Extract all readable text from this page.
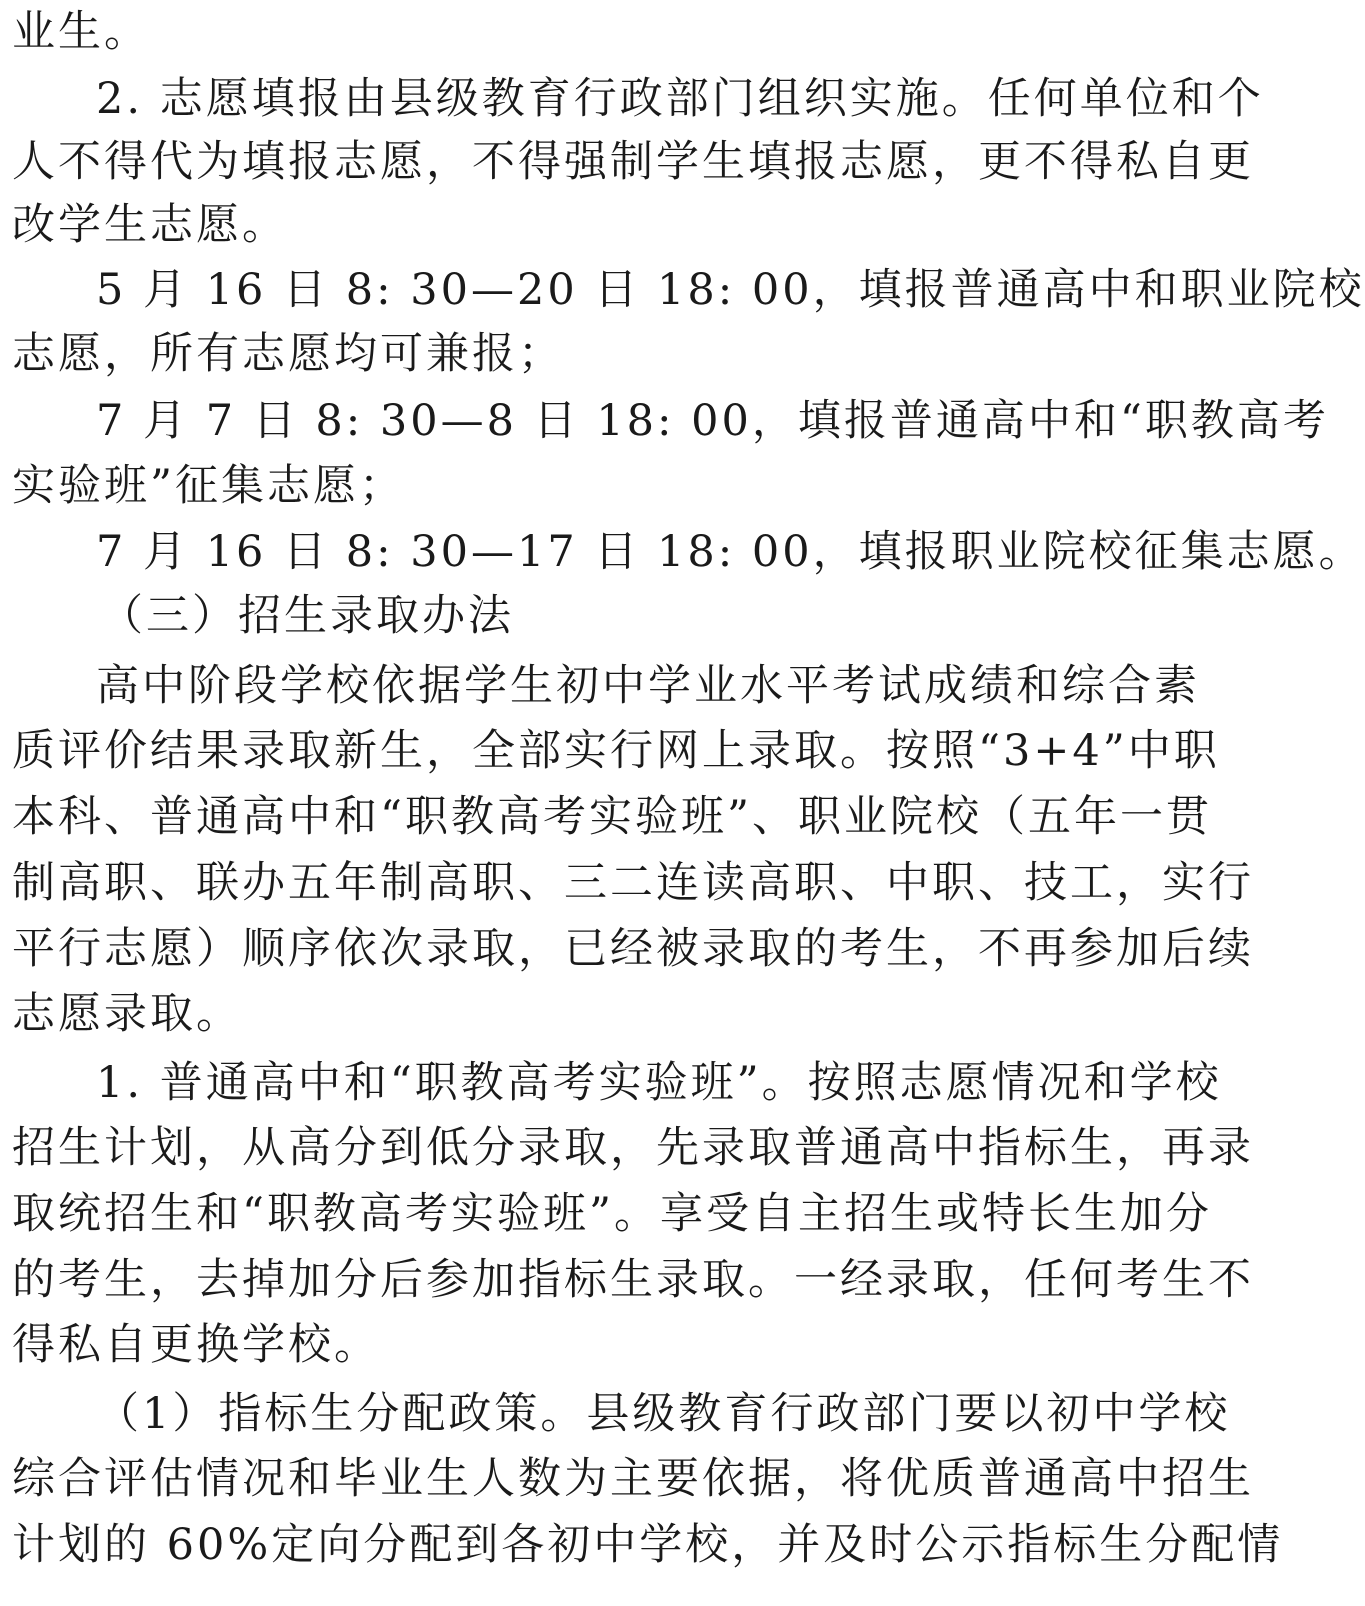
业生。
2. 志愿填报由县级教育行政部门组织实施。任何单位和个
人不得代为填报志愿，不得强制学生填报志愿，更不得私自更
改学生志愿。
5 月 16 日 8: 30—20 日 18: 00，填报普通高中和职业院校
志愿，所有志愿均可兼报；
7 月 7 日 8: 30—8 日 18: 00，填报普通高中和“职教高考
实验班”征集志愿；
7 月 16 日 8: 30—17 日 18: 00，填报职业院校征集志愿。
（三）招生录取办法
高中阶段学校依据学生初中学业水平考试成绩和综合素
质评价结果录取新生，全部实行网上录取。按照“3+4”中职
本科、普通高中和“职教高考实验班”、职业院校（五年一贯
制高职、联办五年制高职、三二连读高职、中职、技工，实行
平行志愿）顺序依次录取，已经被录取的考生，不再参加后续
志愿录取。
1. 普通高中和“职教高考实验班”。按照志愿情况和学校
招生计划，从高分到低分录取，先录取普通高中指标生，再录
取统招生和“职教高考实验班”。享受自主招生或特长生加分
的考生，去掉加分后参加指标生录取。一经录取，任何考生不
得私自更换学校。
（1）指标生分配政策。县级教育行政部门要以初中学校
综合评估情况和毕业生人数为主要依据，将优质普通高中招生
计划的 60%定向分配到各初中学校，并及时公示指标生分配情
